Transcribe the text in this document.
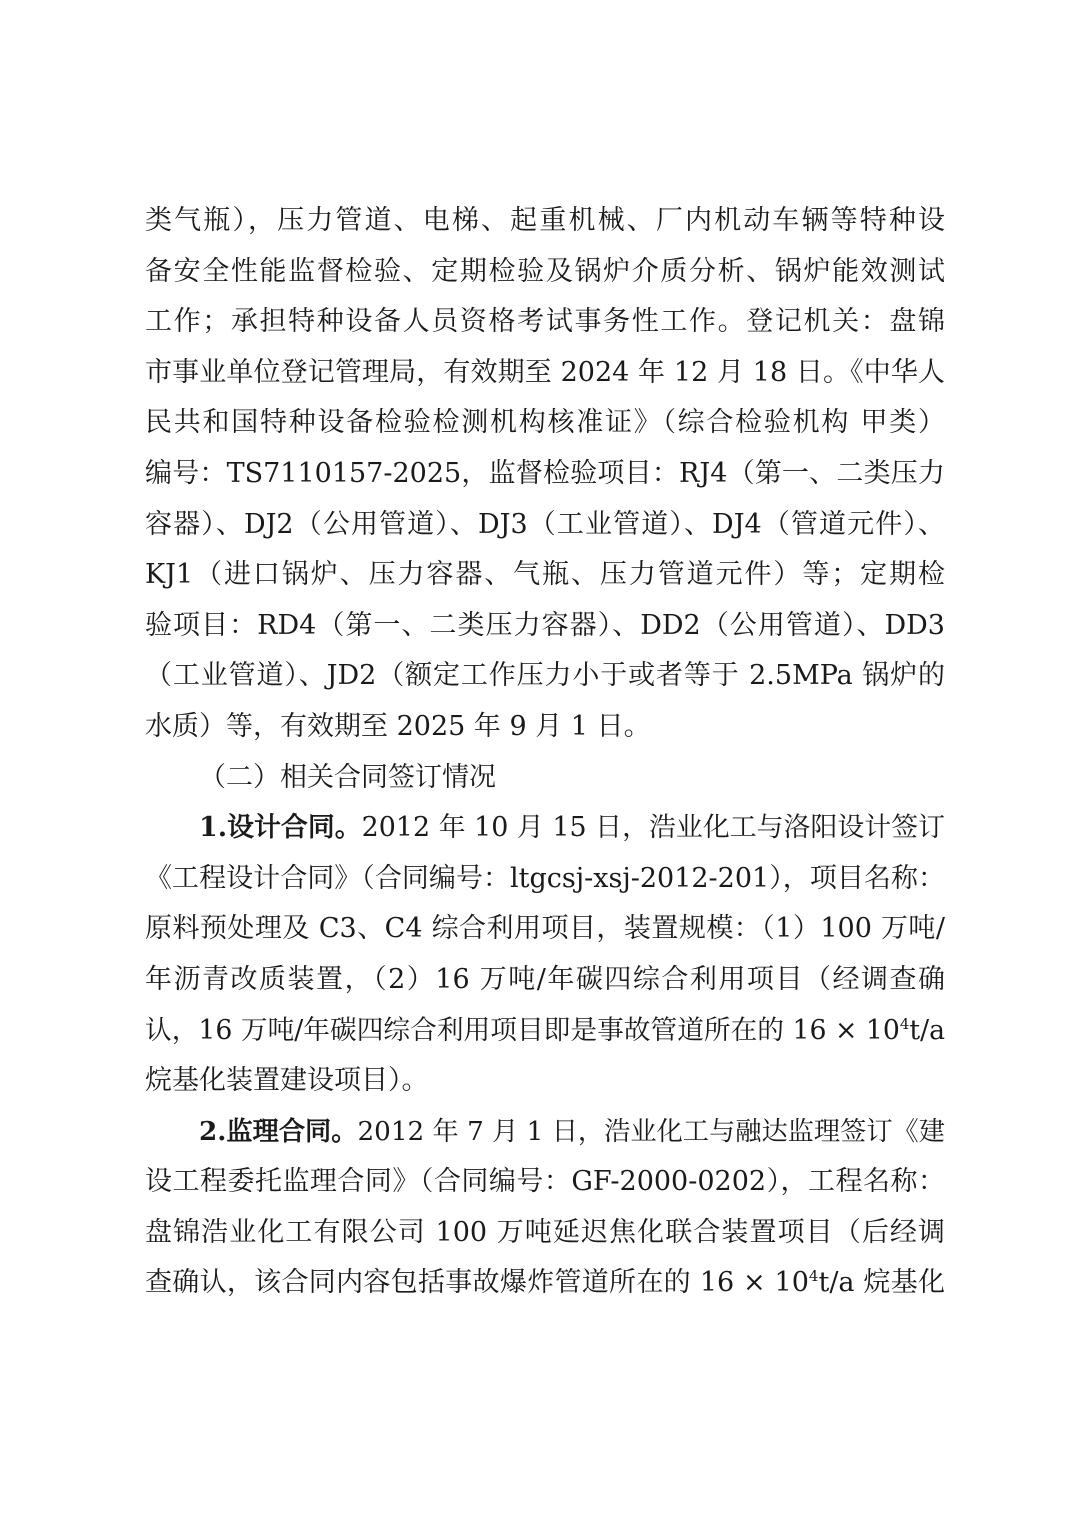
类气瓶），压力管道、电梯、起重机械、厂内机动车辆等特种设
备安全性能监督检验、定期检验及锅炉介质分析、锅炉能效测试
工作；承担特种设备人员资格考试事务性工作。登记机关：盘锦
市事业单位登记管理局，有效期至 2024 年 12 月 18 日。《中华人
民共和国特种设备检验检测机构核准证》（综合检验机构 甲类）
编号：TS7110157-2025，监督检验项目：RJ4（第一、二类压力
容器）、DJ2（公用管道）、DJ3（工业管道）、DJ4（管道元件）、
KJ1（进口锅炉、压力容器、气瓶、压力管道元件）等；定期检
验项目：RD4（第一、二类压力容器）、DD2（公用管道）、DD3
（工业管道）、JD2（额定工作压力小于或者等于 2.5MPa 锅炉的
水质）等，有效期至 2025 年 9 月 1 日。
（二）相关合同签订情况
1.设计合同。2012 年 10 月 15 日，浩业化工与洛阳设计签订
《工程设计合同》（合同编号：ltgcsj-xsj-2012-201），项目名称：
原料预处理及 C3、C4 综合利用项目，装置规模：（1）100 万吨/
年沥青改质装置，（2）16 万吨/年碳四综合利用项目（经调查确
认，16 万吨/年碳四综合利用项目即是事故管道所在的 $16 \times 10^4t/a$
烷基化装置建设项目）。
2.监理合同。2012 年 7 月 1 日，浩业化工与融达监理签订《建
设工程委托监理合同》（合同编号：GF-2000-0202），工程名称：
盘锦浩业化工有限公司 100 万吨延迟焦化联合装置项目（后经调
查确认，该合同内容包括事故爆炸管道所在的 $16 \times 10^4t/a$ 烷基化
